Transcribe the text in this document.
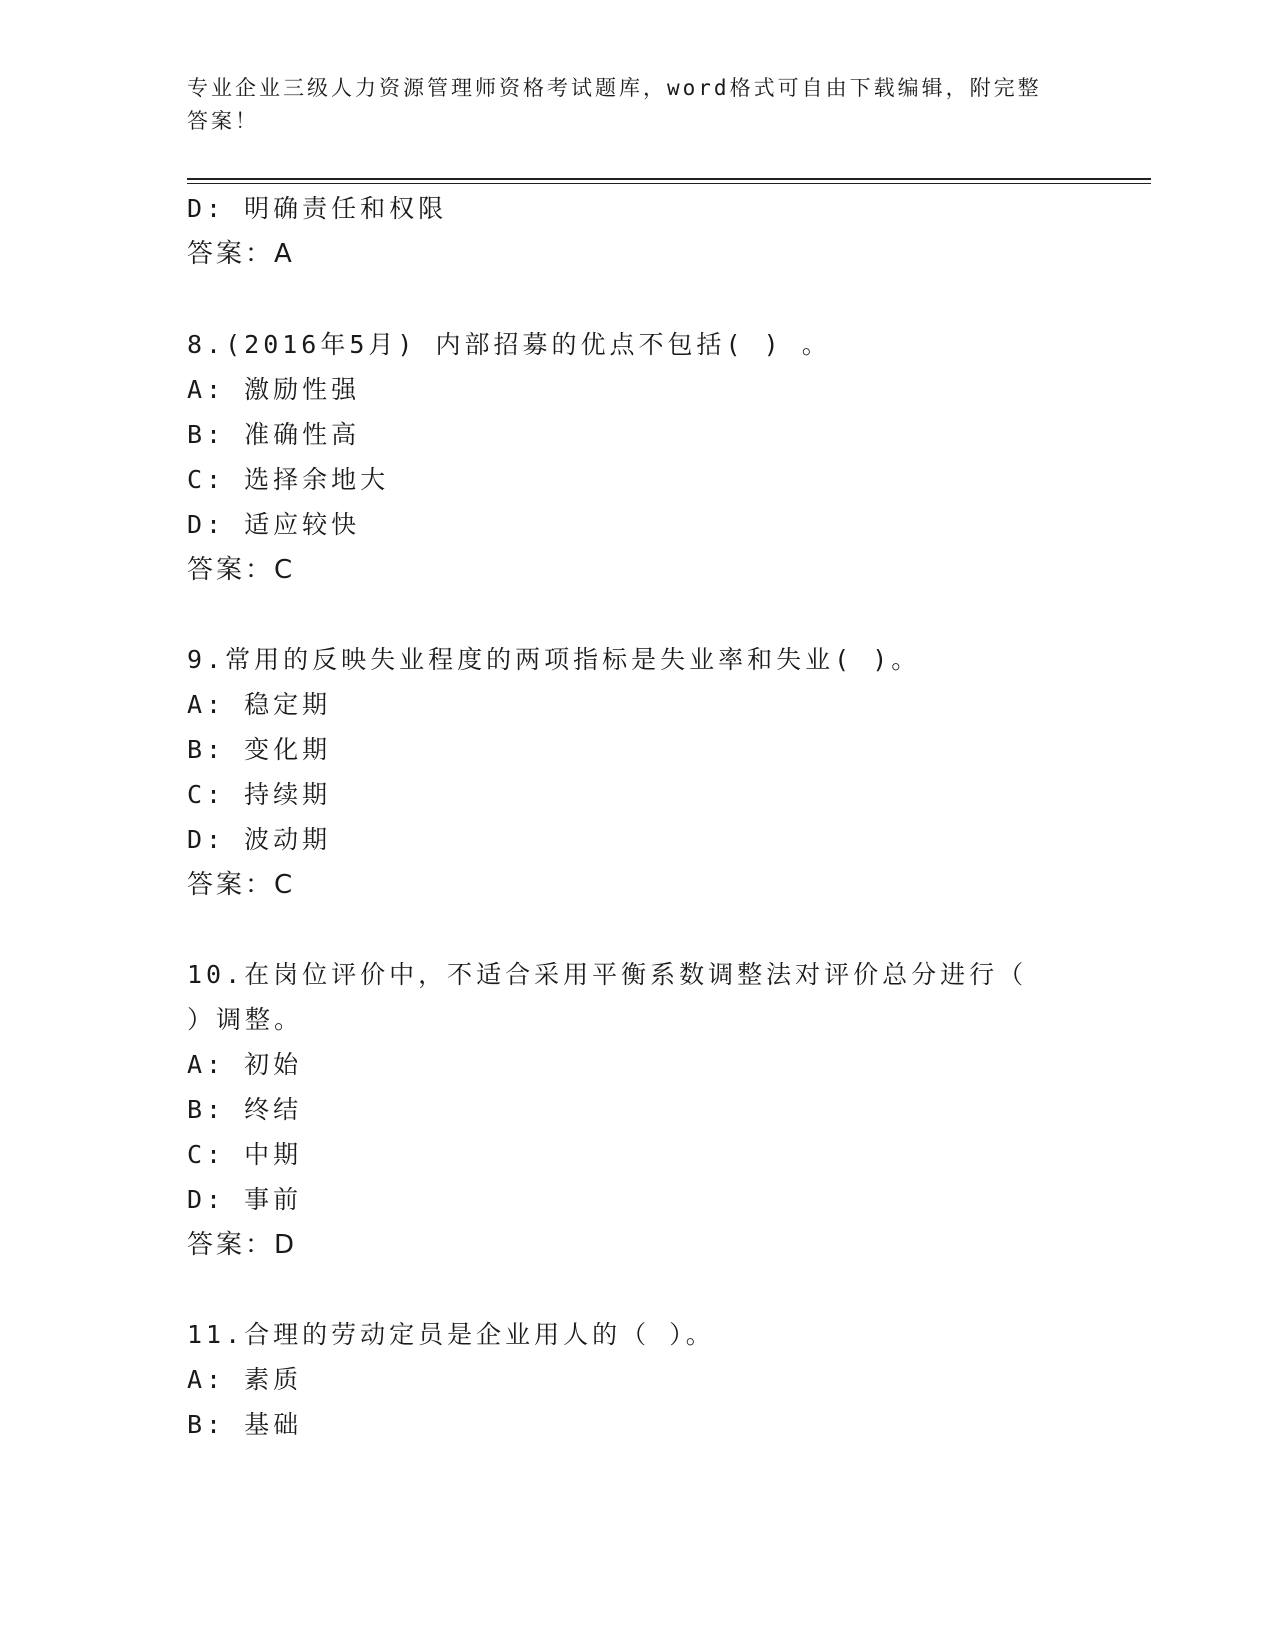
专业企业三级人力资源管理师资格考试题库，word格式可自由下载编辑，附完整
答案！
D: 明确责任和权限
答案：A
8.(2016年5月) 内部招募的优点不包括( ) 。
A: 激励性强
B: 准确性高
C: 选择余地大
D: 适应较快
答案：C
9.常用的反映失业程度的两项指标是失业率和失业( )。
A: 稳定期
B: 变化期
C: 持续期
D: 波动期
答案：C
10.在岗位评价中，不适合采用平衡系数调整法对评价总分进行（
）调整。
A: 初始
B: 终结
C: 中期
D: 事前
答案：D
11.合理的劳动定员是企业用人的（ ）。
A: 素质
B: 基础
